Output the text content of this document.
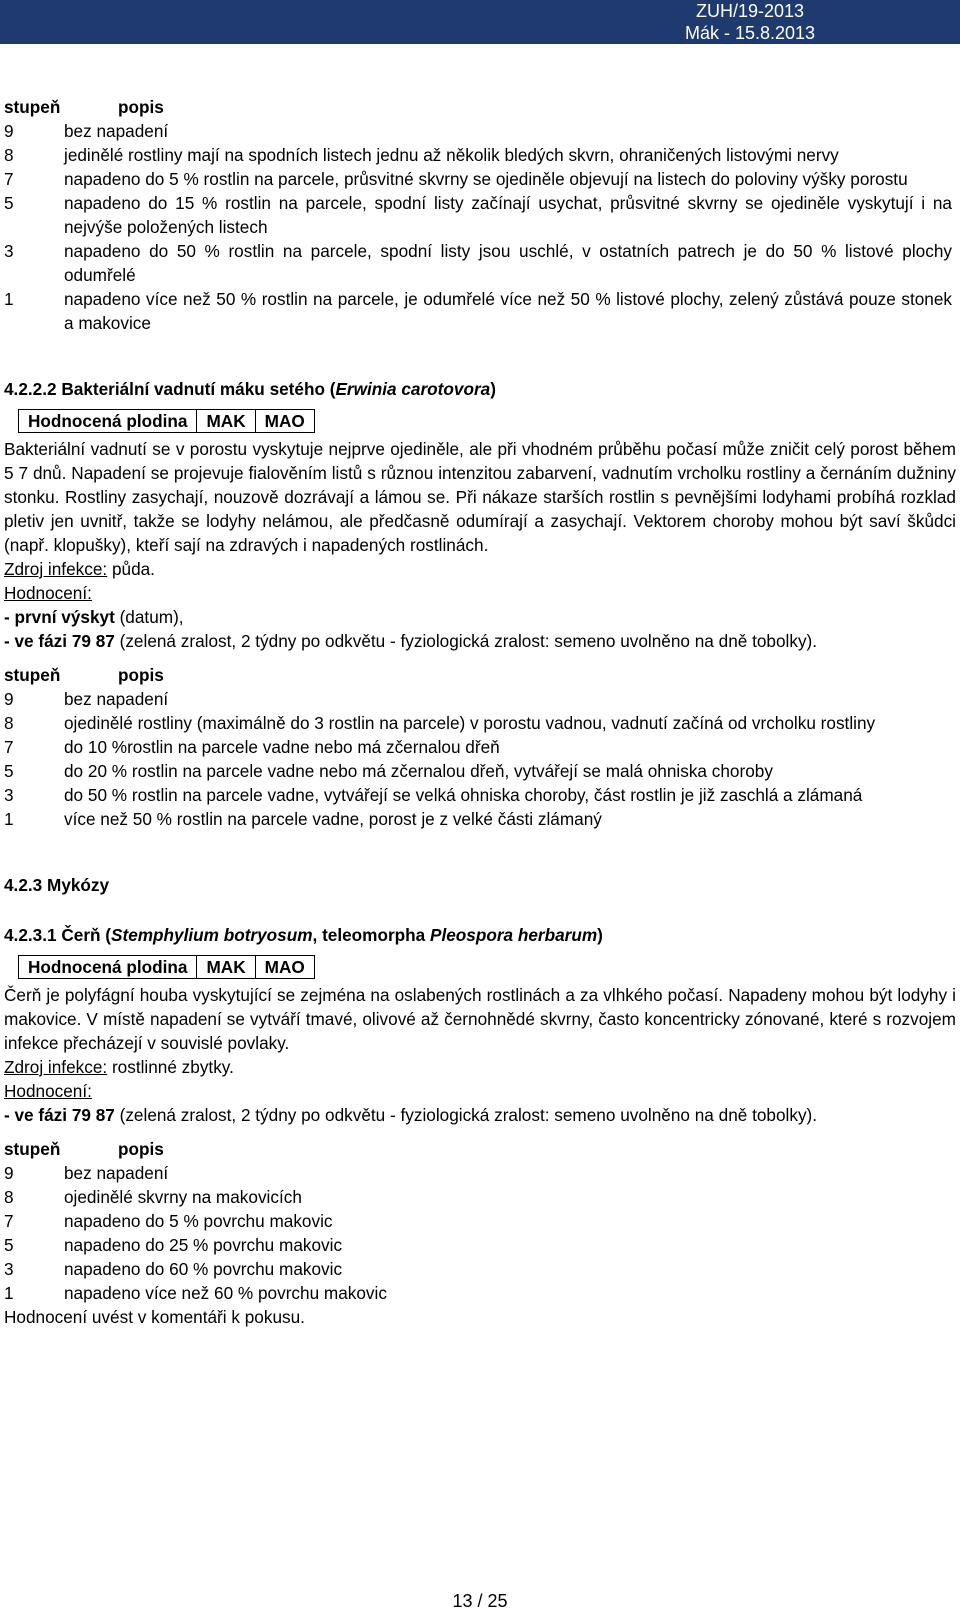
ZUH/19-2013
Mák - 15.8.2013
stupeň	popis
9	bez napadení
8	jedinělé rostliny mají na spodních listech jednu až několik bledých skvrn, ohraničených listovými nervy
7	napadeno do 5 % rostlin na parcele, průsvitné skvrny se ojediněle objevují na listech do poloviny výšky porostu
5	napadeno do 15 % rostlin na parcele, spodní listy začínají usychat, průsvitné skvrny se ojediněle vyskytují i na nejvýše položených listech
3	napadeno do 50 % rostlin na parcele, spodní listy jsou uschlé, v ostatních patrech je do 50 % listové plochy odumřelé
1	napadeno více než 50 % rostlin na parcele, je odumřelé více než 50 % listové plochy, zelený zůstává pouze stonek a makovice
4.2.2.2 Bakteriální vadnutí máku setého (Erwinia carotovora)
Hodnocená plodina	MAK	MAO

Bakteriální vadnutí se v porostu vyskytuje nejprve ojediněle, ale při vhodném průběhu počasí může zničit celý porost během 5 7 dnů. Napadení se projevuje fialověním listů s různou intenzitou zabarvení, vadnutím vrcholku rostliny a černáním dužniny stonku. Rostliny zasychají, nouzově dozrávají a lámou se. Při nákaze starších rostlin s pevnějšími lodyhami probíhá rozklad pletiv jen uvnitř, takže se lodyhy nelámou, ale předčasně odumírají a zasychají. Vektorem choroby mohou být saví škůdci (např. klopušky), kteří sají na zdravých i napadených rostlinách.

Zdroj infekce: půda.

Hodnocení:

- první výskyt (datum),

- ve fázi 79 87 (zelená zralost, 2 týdny po odkvětu - fyziologická zralost: semeno uvolněno na dně tobolky).

stupeň	popis
9	bez napadení
8	ojedinělé rostliny (maximálně do 3 rostlin na parcele) v porostu vadnou, vadnutí začíná od vrcholku rostliny
7	do 10 %rostlin na parcele vadne nebo má zčernalou dřeň
5	do 20 % rostlin na parcele vadne nebo má zčernalou dřeň, vytvářejí se malá ohniska choroby
3	do 50 % rostlin na parcele vadne, vytvářejí se velká ohniska choroby, část rostlin je již zaschlá a zlámaná
1	více než 50 % rostlin na parcele vadne, porost je z velké části zlámaný
4.2.3 Mykózy
4.2.3.1 Čerň (Stemphylium botryosum, teleomorpha Pleospora herbarum)
Hodnocená plodina	MAK	MAO

Čerň je polyfágní houba vyskytující se zejména na oslabených rostlinách a za vlhkého počasí. Napadeny mohou být lodyhy i makovice. V místě napadení se vytváří tmavé, olivové až černohnědé skvrny, často koncentricky zónované, které s rozvojem infekce přecházejí v souvislé povlaky.

Zdroj infekce: rostlinné zbytky.

Hodnocení:

- ve fázi 79 87 (zelená zralost, 2 týdny po odkvětu - fyziologická zralost: semeno uvolněno na dně tobolky).

stupeň	popis
9	bez napadení
8	ojedinělé skvrny na makovicích
7	napadeno do 5 % povrchu makovic
5	napadeno do 25 % povrchu makovic
3	napadeno do 60 % povrchu makovic
1	napadeno více než 60 % povrchu makovic

Hodnocení uvést v komentáři k pokusu.

13 / 25
